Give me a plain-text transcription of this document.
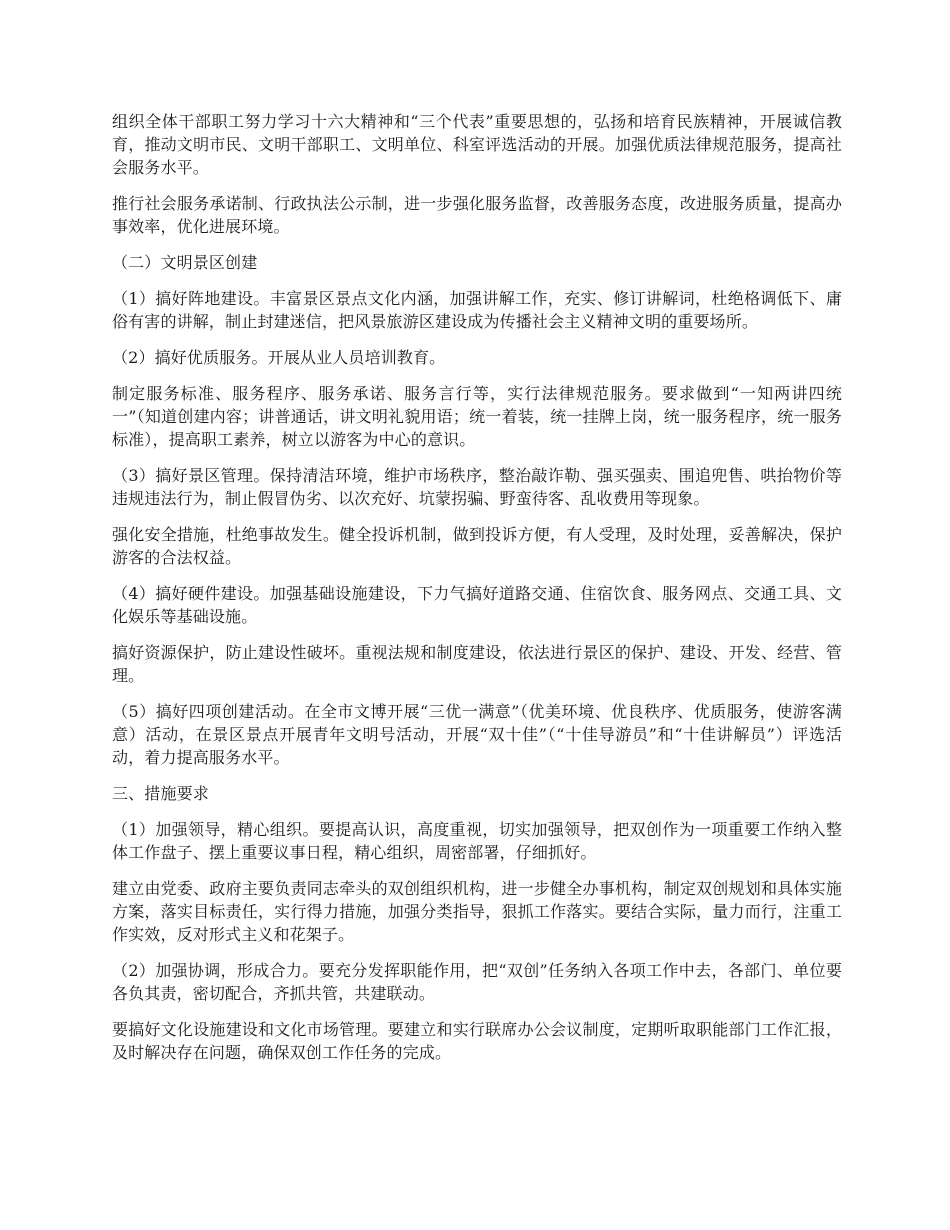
组织全体干部职工努力学习十六大精神和“三个代表”重要思想的，弘扬和培育民族精神，开展诚信教育，推动文明市民、文明干部职工、文明单位、科室评选活动的开展。加强优质法律规范服务，提高社会服务水平。

推行社会服务承诺制、行政执法公示制，进一步强化服务监督，改善服务态度，改进服务质量，提高办事效率，优化进展环境。

（二）文明景区创建

（1）搞好阵地建设。丰富景区景点文化内涵，加强讲解工作，充实、修订讲解词，杜绝格调低下、庸俗有害的讲解，制止封建迷信，把风景旅游区建设成为传播社会主义精神文明的重要场所。

（2）搞好优质服务。开展从业人员培训教育。

制定服务标准、服务程序、服务承诺、服务言行等，实行法律规范服务。要求做到“一知两讲四统一”（知道创建内容；讲普通话，讲文明礼貌用语；统一着装，统一挂牌上岗，统一服务程序，统一服务标准），提高职工素养，树立以游客为中心的意识。

（3）搞好景区管理。保持清洁环境，维护市场秩序，整治敲诈勒、强买强卖、围追兜售、哄抬物价等违规违法行为，制止假冒伪劣、以次充好、坑蒙拐骗、野蛮待客、乱收费用等现象。

强化安全措施，杜绝事故发生。健全投诉机制，做到投诉方便，有人受理，及时处理，妥善解决，保护游客的合法权益。

（4）搞好硬件建设。加强基础设施建设，下力气搞好道路交通、住宿饮食、服务网点、交通工具、文化娱乐等基础设施。

搞好资源保护，防止建设性破坏。重视法规和制度建设，依法进行景区的保护、建设、开发、经营、管理。

（5）搞好四项创建活动。在全市文博开展“三优一满意”（优美环境、优良秩序、优质服务，使游客满意）活动，在景区景点开展青年文明号活动，开展“双十佳”（“十佳导游员”和“十佳讲解员”）评选活动，着力提高服务水平。

三、措施要求

（1）加强领导，精心组织。要提高认识，高度重视，切实加强领导，把双创作为一项重要工作纳入整体工作盘子、摆上重要议事日程，精心组织，周密部署，仔细抓好。

建立由党委、政府主要负责同志牵头的双创组织机构，进一步健全办事机构，制定双创规划和具体实施方案，落实目标责任，实行得力措施，加强分类指导，狠抓工作落实。要结合实际，量力而行，注重工作实效，反对形式主义和花架子。

（2）加强协调，形成合力。要充分发挥职能作用，把“双创”任务纳入各项工作中去，各部门、单位要各负其责，密切配合，齐抓共管，共建联动。

要搞好文化设施建设和文化市场管理。要建立和实行联席办公会议制度，定期听取职能部门工作汇报，及时解决存在问题，确保双创工作任务的完成。
